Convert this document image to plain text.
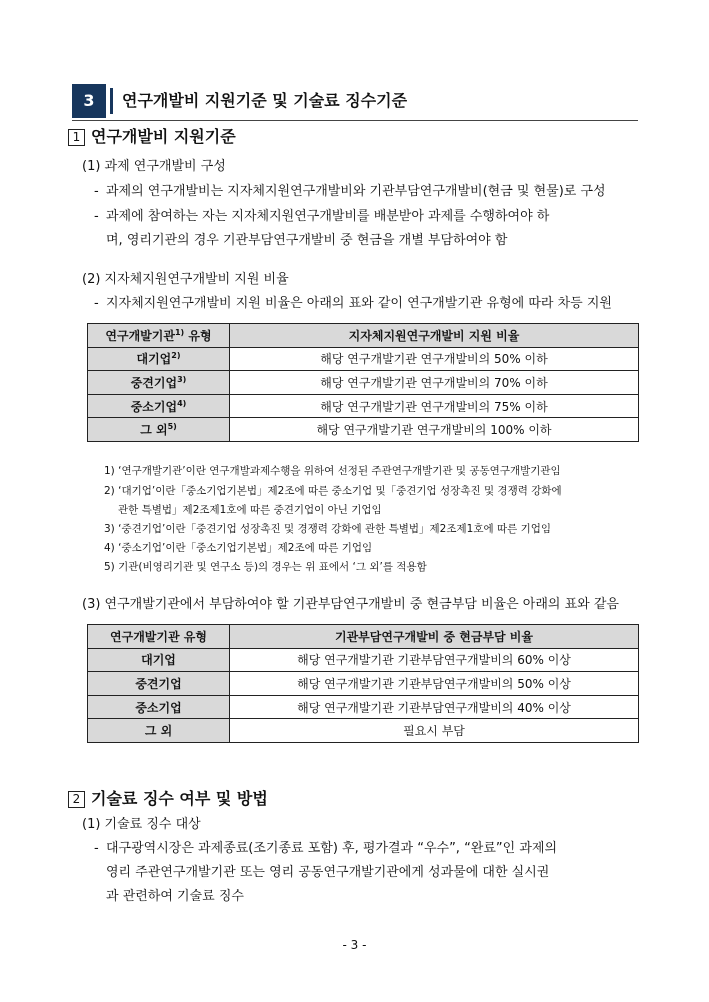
3	연구개발비 지원기준 및 기술료 징수기준
1 연구개발비 지원기준
(1) 과제 연구개발비 구성
- 과제의 연구개발비는 지자체지원연구개발비와 기관부담연구개발비(현금 및 현물)로 구성
- 과제에 참여하는 자는 지자체지원연구개발비를 배분받아 과제를 수행하여야 하
며, 영리기관의 경우 기관부담연구개발비 중 현금을 개별 부담하여야 함
(2) 지자체지원연구개발비 지원 비율
- 지자체지원연구개발비 지원 비율은 아래의 표와 같이 연구개발기관 유형에 따라 차등 지원
연구개발기관$^{1)}$ 유형	지자체지원연구개발비 지원 비율
대기업$^{2)}$	해당 연구개발기관 연구개발비의 50% 이하
중견기업$^{3)}$	해당 연구개발기관 연구개발비의 70% 이하
중소기업$^{4)}$	해당 연구개발기관 연구개발비의 75% 이하
그 외$^{5)}$	해당 연구개발기관 연구개발비의 100% 이하
1) ‘연구개발기관’이란 연구개발과제수행을 위하여 선정된 주관연구개발기관 및 공동연구개발기관임
2) ‘대기업’이란「중소기업기본법」제2조에 따른 중소기업 및「중견기업 성장촉진 및 경쟁력 강화에
관한 특별법」제2조제1호에 따른 중견기업이 아닌 기업임
3) ‘중견기업’이란「중견기업 성장촉진 및 경쟁력 강화에 관한 특별법」제2조제1호에 따른 기업임
4) ‘중소기업’이란「중소기업기본법」제2조에 따른 기업임
5) 기관(비영리기관 및 연구소 등)의 경우는 위 표에서 ‘그 외’를 적용함
(3) 연구개발기관에서 부담하여야 할 기관부담연구개발비 중 현금부담 비율은 아래의 표와 같음
연구개발기관 유형	기관부담연구개발비 중 현금부담 비율
대기업	해당 연구개발기관 기관부담연구개발비의 60% 이상
중견기업	해당 연구개발기관 기관부담연구개발비의 50% 이상
중소기업	해당 연구개발기관 기관부담연구개발비의 40% 이상
그 외	필요시 부담
2 기술료 징수 여부 및 방법
(1) 기술료 징수 대상
- 대구광역시장은 과제종료(조기종료 포함) 후, 평가결과 “우수”, “완료”인 과제의
영리 주관연구개발기관 또는 영리 공동연구개발기관에게 성과물에 대한 실시권
과 관련하여 기술료 징수
- 3 -
